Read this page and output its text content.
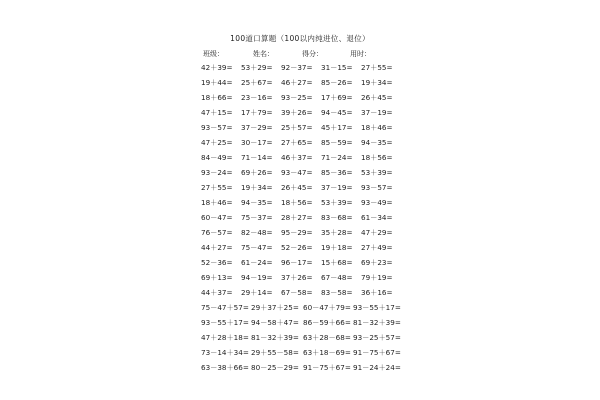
100道口算题（100以内纯进位、退位）
班级：	姓名：	得分：	用时：
42＋39= 53＋29= 92－37= 31－15= 27＋55=
19＋44= 25＋67= 46＋27= 85－26= 19＋34=
18＋66= 23－16= 93－25= 17＋69= 26＋45=
47＋15= 17＋79= 39＋26= 94－45= 37－19=
93－57= 37－29= 25＋57= 45＋17= 18＋46=
47＋25= 30－17= 27＋65= 85－59= 94－35=
84－49= 71－14= 46＋37= 71－24= 18＋56=
93－24= 69＋26= 93－47= 85－36= 53＋39=
27＋55= 19＋34= 26＋45= 37－19= 93－57=
18＋46= 94－35= 18＋56= 53＋39= 93－49=
60－47= 75－37= 28＋27= 83－68= 61－34=
76－57= 82－48= 95－29= 35＋28= 47＋29=
44＋27= 75－47= 52－26= 19＋18= 27＋49=
52－36= 61－24= 96－17= 15＋68= 69＋23=
69＋13= 94－19= 37＋26= 67－48= 79＋19=
44＋37= 29＋14= 67－58= 83－58= 36＋16=
75－47＋57= 29＋37＋25= 60－47＋79= 93－55＋17=
93－55＋17= 94－58＋47= 86－59＋66= 81－32＋39=
47＋28＋18= 81－32＋39= 63＋28－68= 93－25＋57=
73－14＋34= 29＋55－58= 63＋18－69= 91－75＋67=
63－38＋66= 80－25－29= 91－75＋67= 91－24＋24=
